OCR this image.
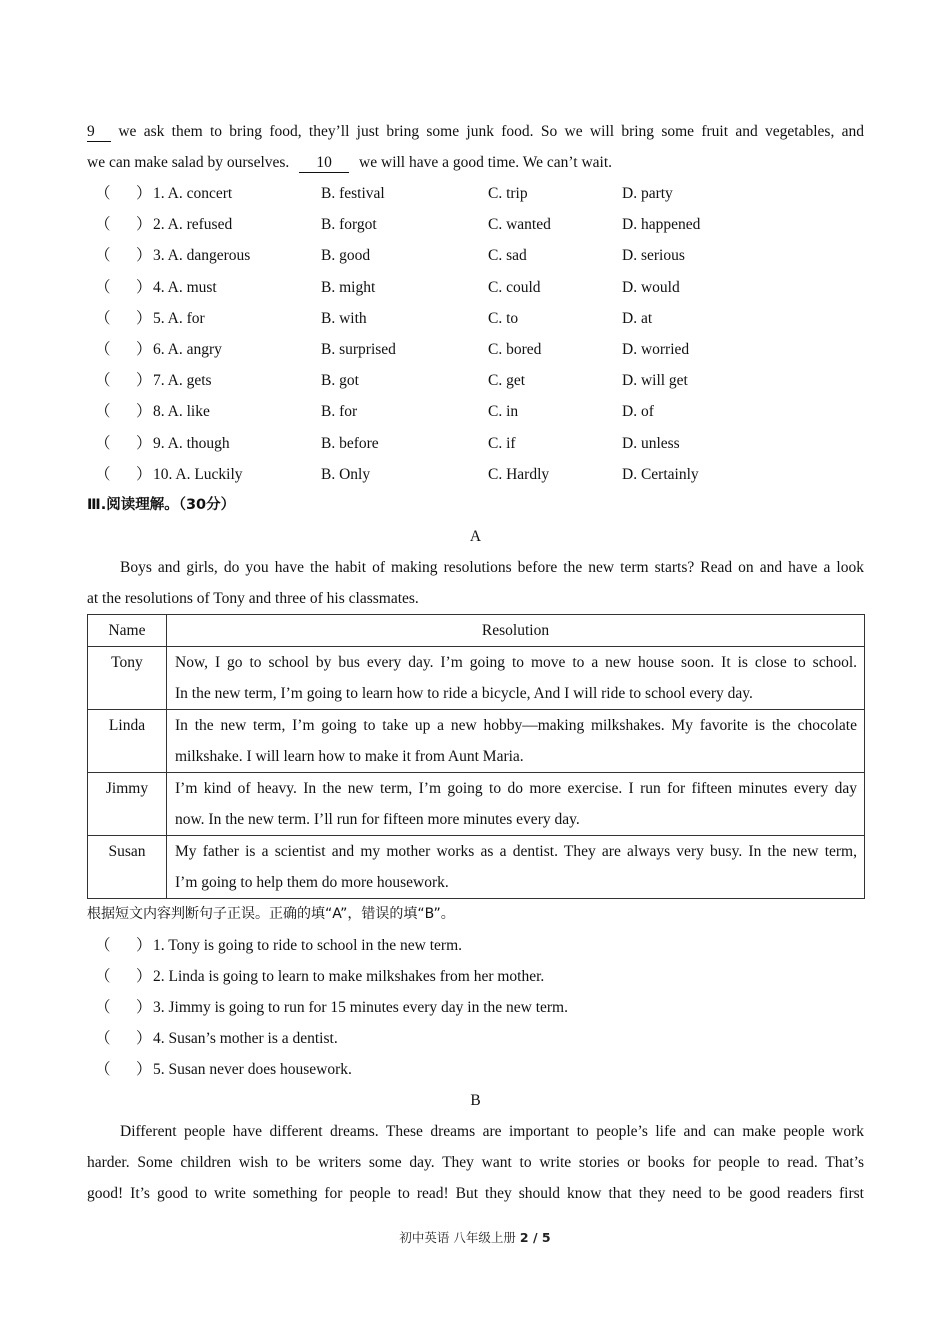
9 we ask them to bring food, they’ll just bring some junk food. So we will bring some fruit and vegetables, and
we can make salad by ourselves. 10 we will have a good time. We can’t wait.
（ ） 1. A. concert	B. festival	C. trip	D. party
（ ） 2. A. refused	B. forgot	C. wanted	D. happened
（ ） 3. A. dangerous	B. good	C. sad	D. serious
（ ） 4. A. must	B. might	C. could	D. would
（ ） 5. A. for	B. with	C. to	D. at
（ ） 6. A. angry	B. surprised	C. bored	D. worried
（ ） 7. A. gets	B. got	C. get	D. will get
（ ） 8. A. like	B. for	C. in	D. of
（ ） 9. A. though	B. before	C. if	D. unless
（ ） 10. A. Luckily	B. Only	C. Hardly	D. Certainly
Ⅲ.阅读理解。（30分）
A
Boys and girls, do you have the habit of making resolutions before the new term starts? Read on and have a look
at the resolutions of Tony and three of his classmates.
Name	Resolution
Tony	Now, I go to school by bus every day. I’m going to move to a new house soon. It is close to school.
In the new term, I’m going to learn how to ride a bicycle, And I will ride to school every day.

Linda	In the new term, I’m going to take up a new hobby—making milkshakes. My favorite is the chocolate
milkshake. I will learn how to make it from Aunt Maria.

Jimmy	I’m kind of heavy. In the new term, I’m going to do more exercise. I run for fifteen minutes every day
now. In the new term. I’ll run for fifteen more minutes every day.

Susan	My father is a scientist and my mother works as a dentist. They are always very busy. In the new term,
I’m going to help them do more housework.
根据短文内容判断句子正误。正确的填“A”，错误的填“B”。
（ ） 1. Tony is going to ride to school in the new term.
（ ） 2. Linda is going to learn to make milkshakes from her mother.
（ ） 3. Jimmy is going to run for 15 minutes every day in the new term.
（ ） 4. Susan’s mother is a dentist.
（ ） 5. Susan never does housework.
B
Different people have different dreams. These dreams are important to people’s life and can make people work
harder. Some children wish to be writers some day. They want to write stories or books for people to read. That’s
good! It’s good to write something for people to read! But they should know that they need to be good readers first
初中英语 八年级上册 2 / 5
